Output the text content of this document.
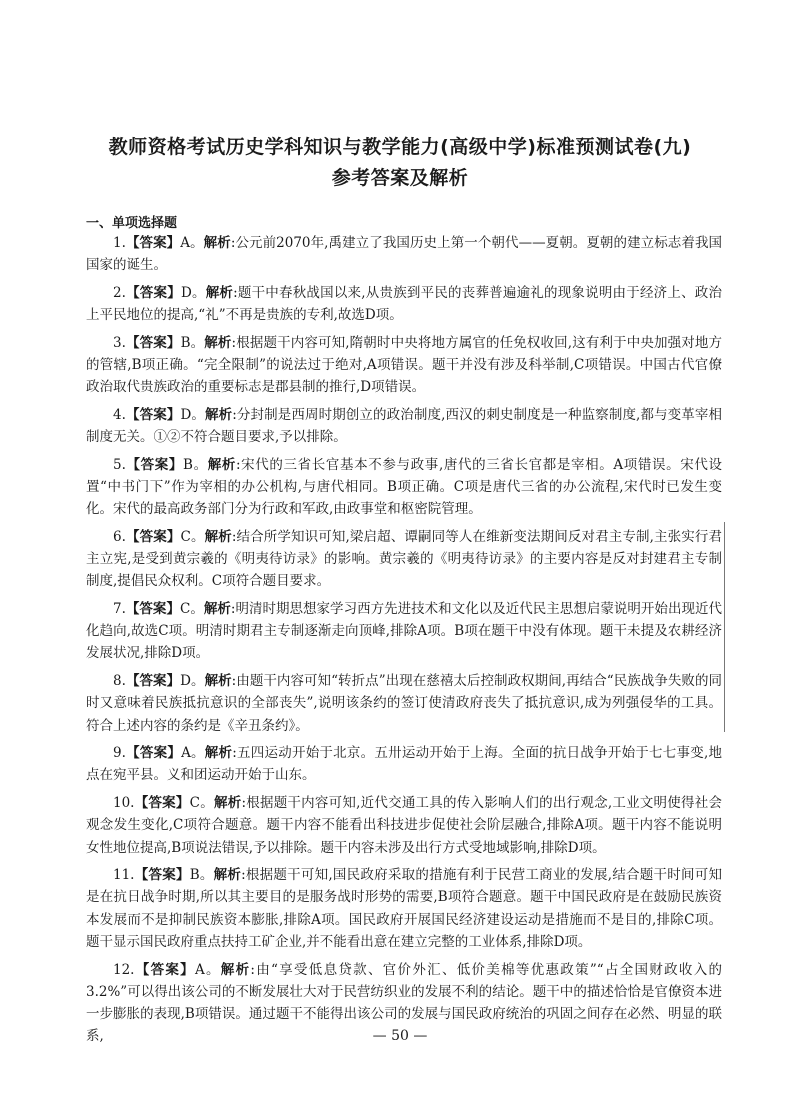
教师资格考试历史学科知识与教学能力(高级中学)标准预测试卷(九)
参考答案及解析
一、单项选择题

1.【答案】A。解析:公元前2070年,禹建立了我国历史上第一个朝代——夏朝。夏朝的建立标志着我国国家的诞生。

2.【答案】D。解析:题干中春秋战国以来,从贵族到平民的丧葬普遍逾礼的现象说明由于经济上、政治上平民地位的提高,“礼”不再是贵族的专利,故选D项。

3.【答案】B。解析:根据题干内容可知,隋朝时中央将地方属官的任免权收回,这有利于中央加强对地方的管辖,B项正确。“完全限制”的说法过于绝对,A项错误。题干并没有涉及科举制,C项错误。中国古代官僚政治取代贵族政治的重要标志是郡县制的推行,D项错误。

4.【答案】D。解析:分封制是西周时期创立的政治制度,西汉的刺史制度是一种监察制度,都与变革宰相制度无关。①②不符合题目要求,予以排除。

5.【答案】B。解析:宋代的三省长官基本不参与政事,唐代的三省长官都是宰相。A项错误。宋代设置“中书门下”作为宰相的办公机构,与唐代相同。B项正确。C项是唐代三省的办公流程,宋代时已发生变化。宋代的最高政务部门分为行政和军政,由政事堂和枢密院管理。

6.【答案】C。解析:结合所学知识可知,梁启超、谭嗣同等人在维新变法期间反对君主专制,主张实行君主立宪,是受到黄宗羲的《明夷待访录》的影响。黄宗羲的《明夷待访录》的主要内容是反对封建君主专制制度,提倡民众权利。C项符合题目要求。

7.【答案】C。解析:明清时期思想家学习西方先进技术和文化以及近代民主思想启蒙说明开始出现近代化趋向,故选C项。明清时期君主专制逐渐走向顶峰,排除A项。B项在题干中没有体现。题干未提及农耕经济发展状况,排除D项。

8.【答案】D。解析:由题干内容可知“转折点”出现在慈禧太后控制政权期间,再结合“民族战争失败的同时又意味着民族抵抗意识的全部丧失”,说明该条约的签订使清政府丧失了抵抗意识,成为列强侵华的工具。符合上述内容的条约是《辛丑条约》。

9.【答案】A。解析:五四运动开始于北京。五卅运动开始于上海。全面的抗日战争开始于七七事变,地点在宛平县。义和团运动开始于山东。

10.【答案】C。解析:根据题干内容可知,近代交通工具的传入影响人们的出行观念,工业文明使得社会观念发生变化,C项符合题意。题干内容不能看出科技进步促使社会阶层融合,排除A项。题干内容不能说明女性地位提高,B项说法错误,予以排除。题干内容未涉及出行方式受地域影响,排除D项。

11.【答案】B。解析:根据题干可知,国民政府采取的措施有利于民营工商业的发展,结合题干时间可知是在抗日战争时期,所以其主要目的是服务战时形势的需要,B项符合题意。题干中国民政府是在鼓励民族资本发展而不是抑制民族资本膨胀,排除A项。国民政府开展国民经济建设运动是措施而不是目的,排除C项。题干显示国民政府重点扶持工矿企业,并不能看出意在建立完整的工业体系,排除D项。

12.【答案】A。解析:由“享受低息贷款、官价外汇、低价美棉等优惠政策”“占全国财政收入的3.2%”可以得出该公司的不断发展壮大对于民营纺织业的发展不利的结论。题干中的描述恰恰是官僚资本进一步膨胀的表现,B项错误。通过题干不能得出该公司的发展与国民政府统治的巩固之间存在必然、明显的联系,	— 50 —
